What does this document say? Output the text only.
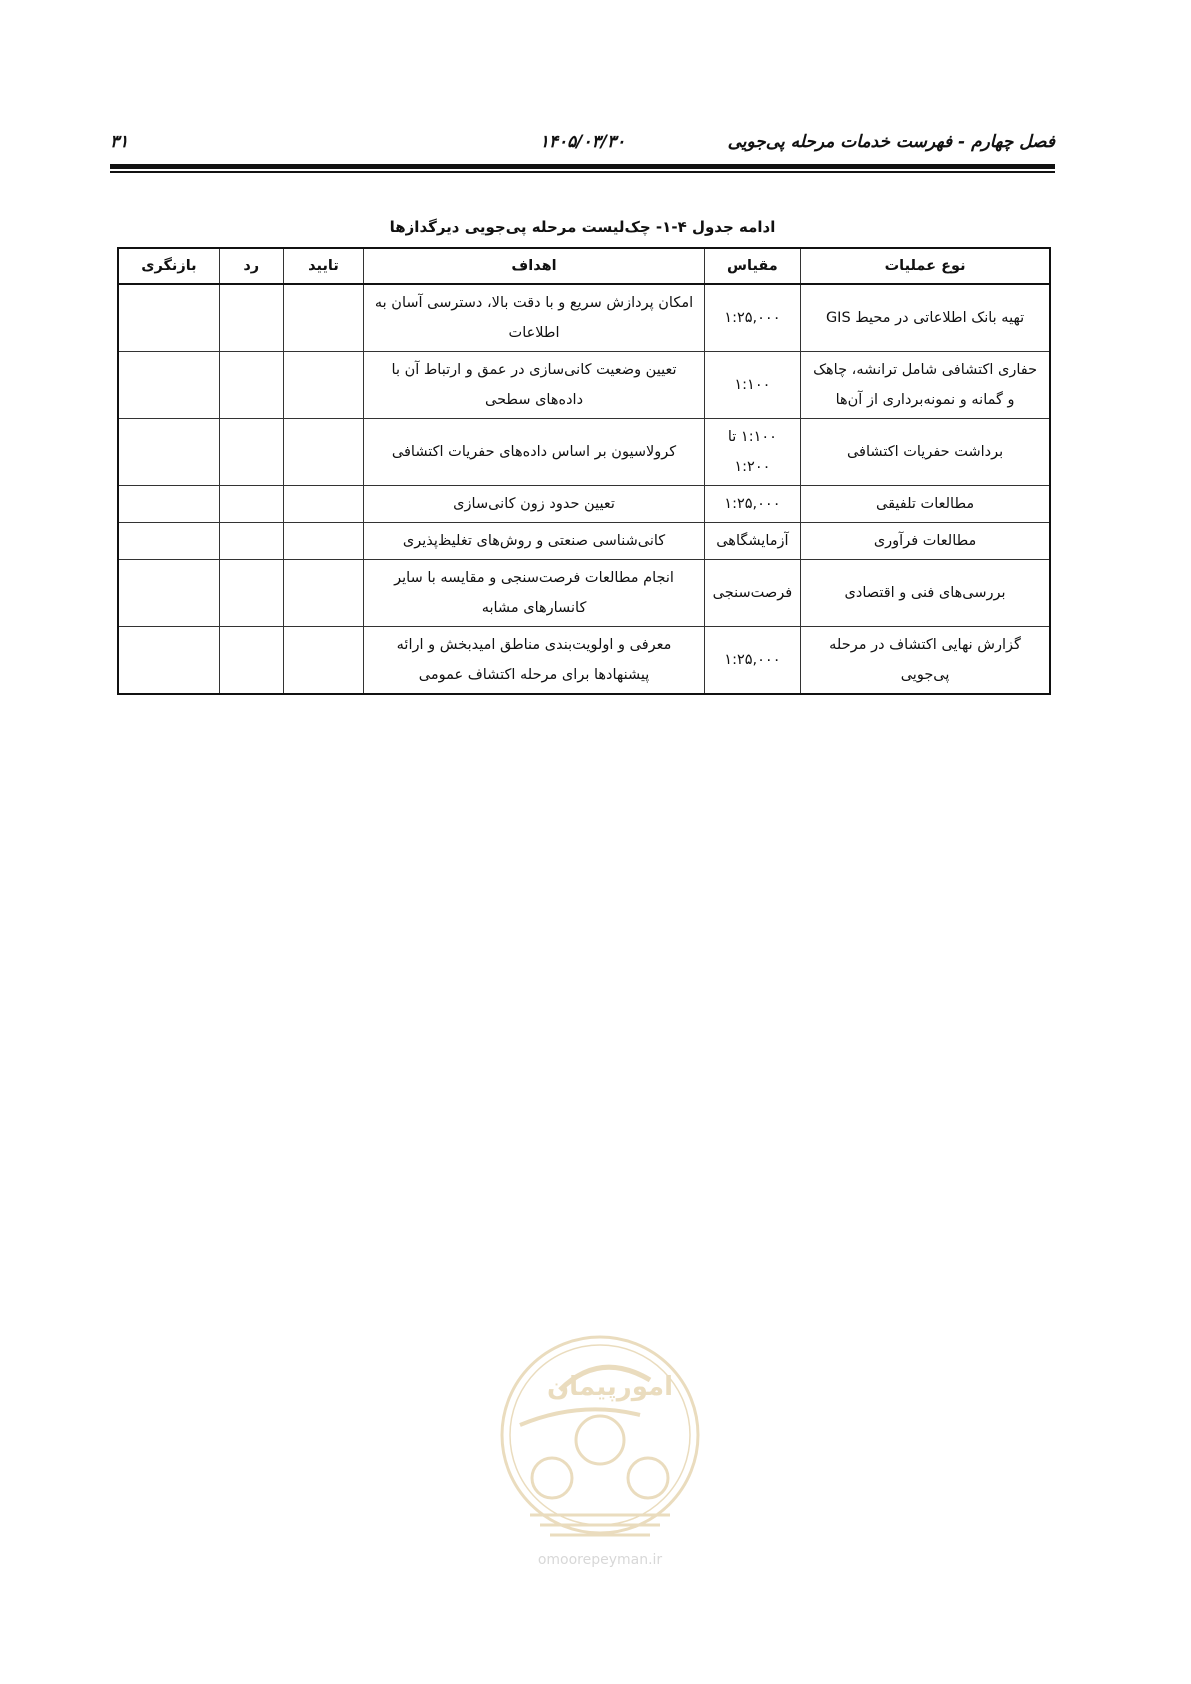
فصل چهارم - فهرست خدمات مرحله پی‌جویی
۱۴۰۵/۰۳/۳۰
۳۱
ادامه جدول ۴-۱- چک‌لیست مرحله پی‌جویی دیرگدازها
نوع عملیات	مقیاس	اهداف	تایید	رد	بازنگری
تهیه بانک اطلاعاتی در محیط GIS	۱:۲۵,۰۰۰	امکان پردازش سریع و با دقت بالا، دسترسی آسان به اطلاعات			
حفاری اکتشافی شامل ترانشه، چاهک و گمانه و نمونه‌برداری از آن‌ها	۱:۱۰۰	تعیین وضعیت کانی‌سازی در عمق و ارتباط آن با داده‌های سطحی			
برداشت حفریات اکتشافی	۱:۱۰۰ تا ۱:۲۰۰	کرولاسیون بر اساس داده‌های حفریات اکتشافی			
مطالعات تلفیقی	۱:۲۵,۰۰۰	تعیین حدود زون کانی‌سازی			
مطالعات فرآوری	آزمایشگاهی	کانی‌شناسی صنعتی و روش‌های تغلیظ‌پذیری			
بررسی‌های فنی و اقتصادی	فرصت‌سنجی	انجام مطالعات فرصت‌سنجی و مقایسه با سایر کانسارهای مشابه			
گزارش نهایی اکتشاف در مرحله پی‌جویی	۱:۲۵,۰۰۰	معرفی و اولویت‌بندی مناطق امیدبخش و ارائه پیشنهادها برای مرحله اکتشاف عمومی			
امورپیمان
omoorepeyman.ir
